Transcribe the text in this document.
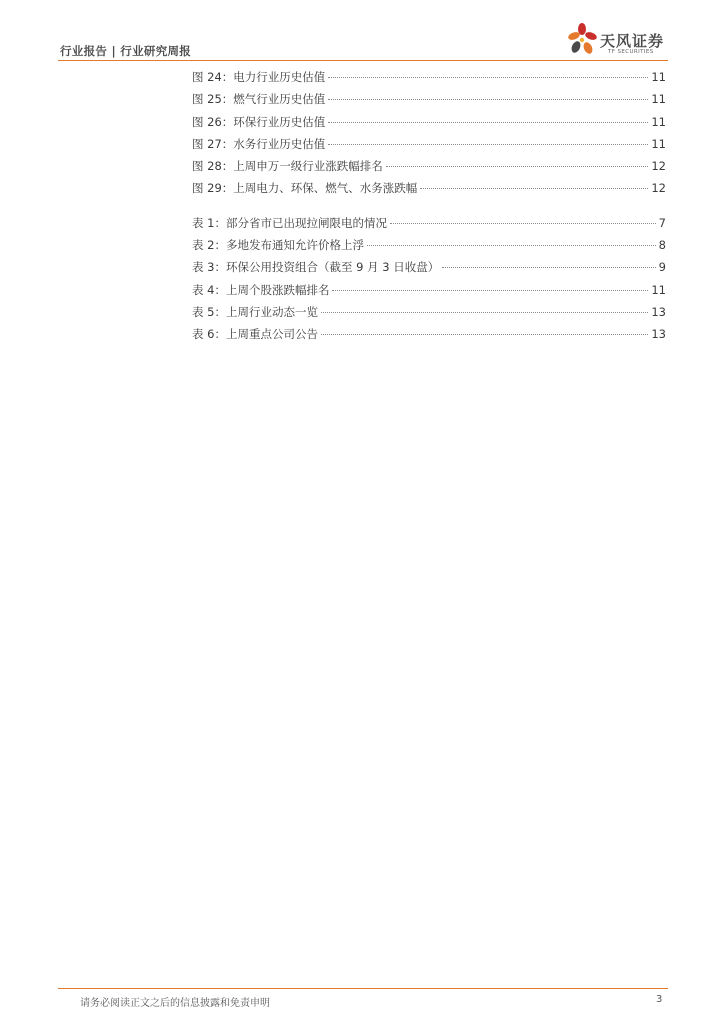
行业报告 | 行业研究周报
天风证券
TF SECURITIES
图 24：电力行业历史估值	11
图 25：燃气行业历史估值	11
图 26：环保行业历史估值	11
图 27：水务行业历史估值	11
图 28：上周申万一级行业涨跌幅排名	12
图 29：上周电力、环保、燃气、水务涨跌幅	12
表 1：部分省市已出现拉闸限电的情况	7
表 2：多地发布通知允许价格上浮	8
表 3：环保公用投资组合（截至 9 月 3 日收盘）	9
表 4：上周个股涨跌幅排名	11
表 5：上周行业动态一览	13
表 6：上周重点公司公告	13
请务必阅读正文之后的信息披露和免责申明	3
